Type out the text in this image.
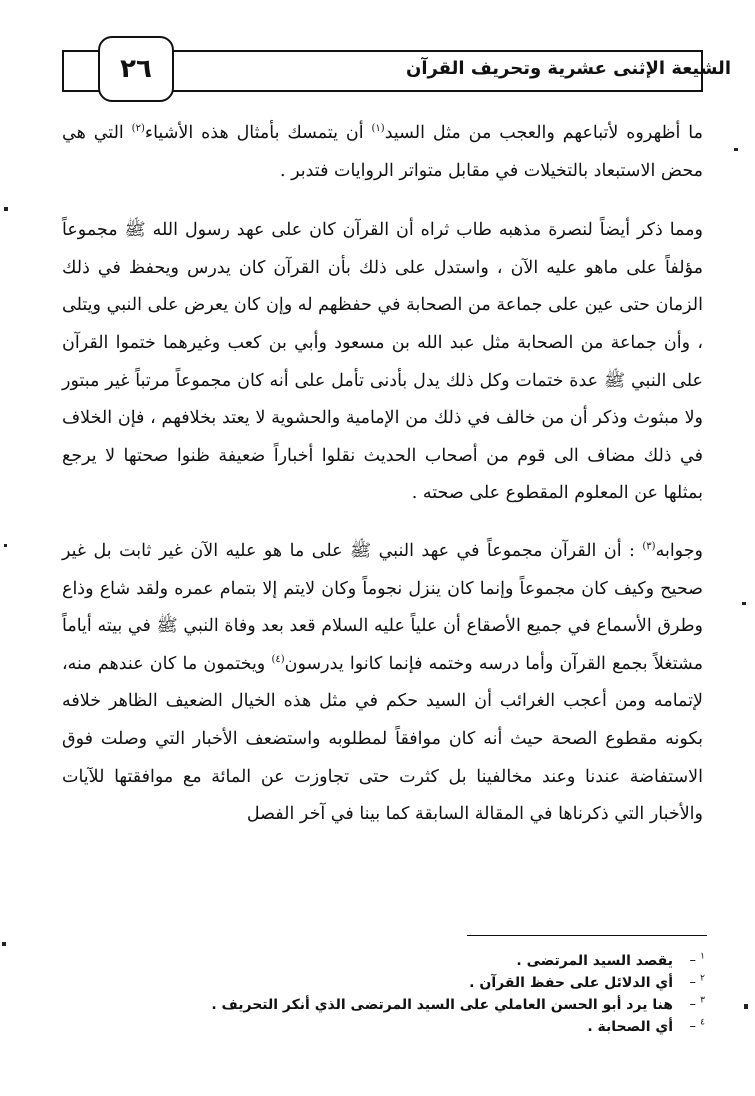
الشيعة الإثنى عشرية وتحريف القرآن
٢٦

ما أظهروه لأتباعهم والعجب من مثل السيد$^{(١)}$ أن يتمسك بأمثال هذه الأشياء$^{(٢)}$ التي هي محض الاستبعاد بالتخيلات في مقابل متواتر الروايات فتدبر .

ومما ذكر أيضاً لنصرة مذهبه طاب ثراه أن القرآن كان على عهد رسول الله ﷺ مجموعاً مؤلفاً على ماهو عليه الآن ، واستدل على ذلك بأن القرآن كان يدرس ويحفظ في ذلك الزمان حتى عين على جماعة من الصحابة في حفظهم له وإن كان يعرض على النبي ويتلى ، وأن جماعة من الصحابة مثل عبد الله بن مسعود وأبي بن كعب وغيرهما ختموا القرآن على النبي ﷺ عدة ختمات وكل ذلك يدل بأدنى تأمل على أنه كان مجموعاً مرتباً غير مبتور ولا مبثوث وذكر أن من خالف في ذلك من الإمامية والحشوية لا يعتد بخلافهم ، فإن الخلاف في ذلك مضاف الى قوم من أصحاب الحديث نقلوا أخباراً ضعيفة ظنوا صحتها لا يرجع بمثلها عن المعلوم المقطوع على صحته .

وجوابه$^{(٣)}$ : أن القرآن مجموعاً في عهد النبي ﷺ على ما هو عليه الآن غير ثابت بل غير صحيح وكيف كان مجموعاً وإنما كان ينزل نجوماً وكان لايتم إلا بتمام عمره ولقد شاع وذاع وطرق الأسماع في جميع الأصقاع أن علياً عليه السلام قعد بعد وفاة النبي ﷺ في بيته أياماً مشتغلاً بجمع القرآن وأما درسه وختمه فإنما كانوا يدرسون$^{(٤)}$ ويختمون ما كان عندهم منه، لإتمامه ومن أعجب الغرائب أن السيد حكم في مثل هذه الخيال الضعيف الظاهر خلافه بكونه مقطوع الصحة حيث أنه كان موافقاً لمطلوبه واستضعف الأخبار التي وصلت فوق الاستفاضة عندنا وعند مخالفينا بل كثرت حتى تجاوزت عن المائة مع موافقتها للآيات والأخبار التي ذكرناها في المقالة السابقة كما بينا في آخر الفصل

$^١$ –
يقصد السيد المرتضى .
$^٢$ –
أي الدلائل على حفظ القرآن .
$^٣$ –
هنا يرد أبو الحسن العاملي على السيد المرتضى الذي أنكر التحريف .
$^٤$ –
أي الصحابة .
